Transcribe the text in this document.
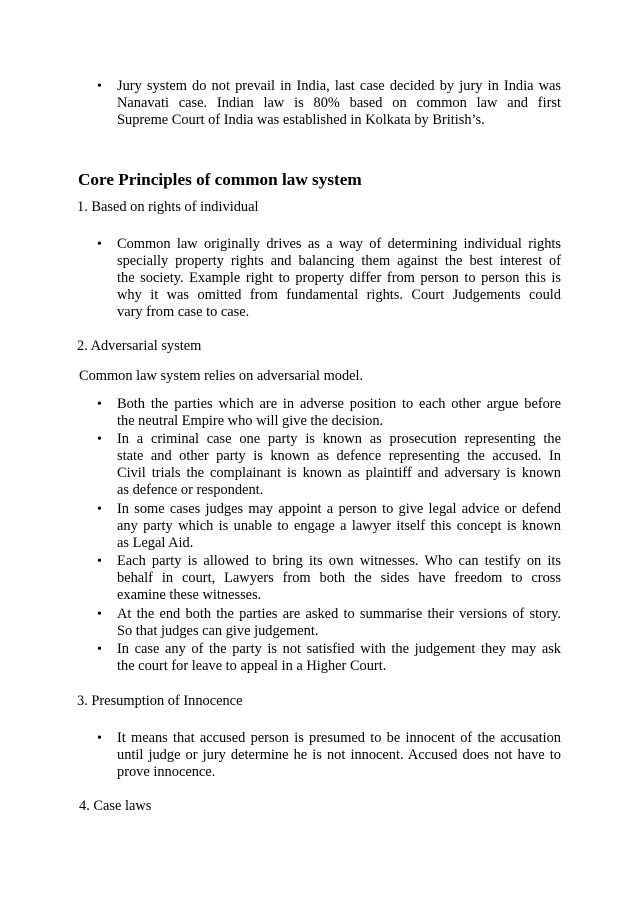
• Jury system do not prevail in India, last case decided by jury in India was
Nanavati case. Indian law is 80% based on common law and first
Supreme Court of India was established in Kolkata by British’s.
Core Principles of common law system
1. Based on rights of individual
• Common law originally drives as a way of determining individual rights
specially property rights and balancing them against the best interest of
the society. Example right to property differ from person to person this is
why it was omitted from fundamental rights. Court Judgements could
vary from case to case.
2. Adversarial system
Common law system relies on adversarial model.
• Both the parties which are in adverse position to each other argue before
the neutral Empire who will give the decision.
• In a criminal case one party is known as prosecution representing the
state and other party is known as defence representing the accused. In
Civil trials the complainant is known as plaintiff and adversary is known
as defence or respondent.
• In some cases judges may appoint a person to give legal advice or defend
any party which is unable to engage a lawyer itself this concept is known
as Legal Aid.
• Each party is allowed to bring its own witnesses. Who can testify on its
behalf in court, Lawyers from both the sides have freedom to cross
examine these witnesses.
• At the end both the parties are asked to summarise their versions of story.
So that judges can give judgement.
• In case any of the party is not satisfied with the judgement they may ask
the court for leave to appeal in a Higher Court.
3. Presumption of Innocence
• It means that accused person is presumed to be innocent of the accusation
until judge or jury determine he is not innocent. Accused does not have to
prove innocence.
4. Case laws
